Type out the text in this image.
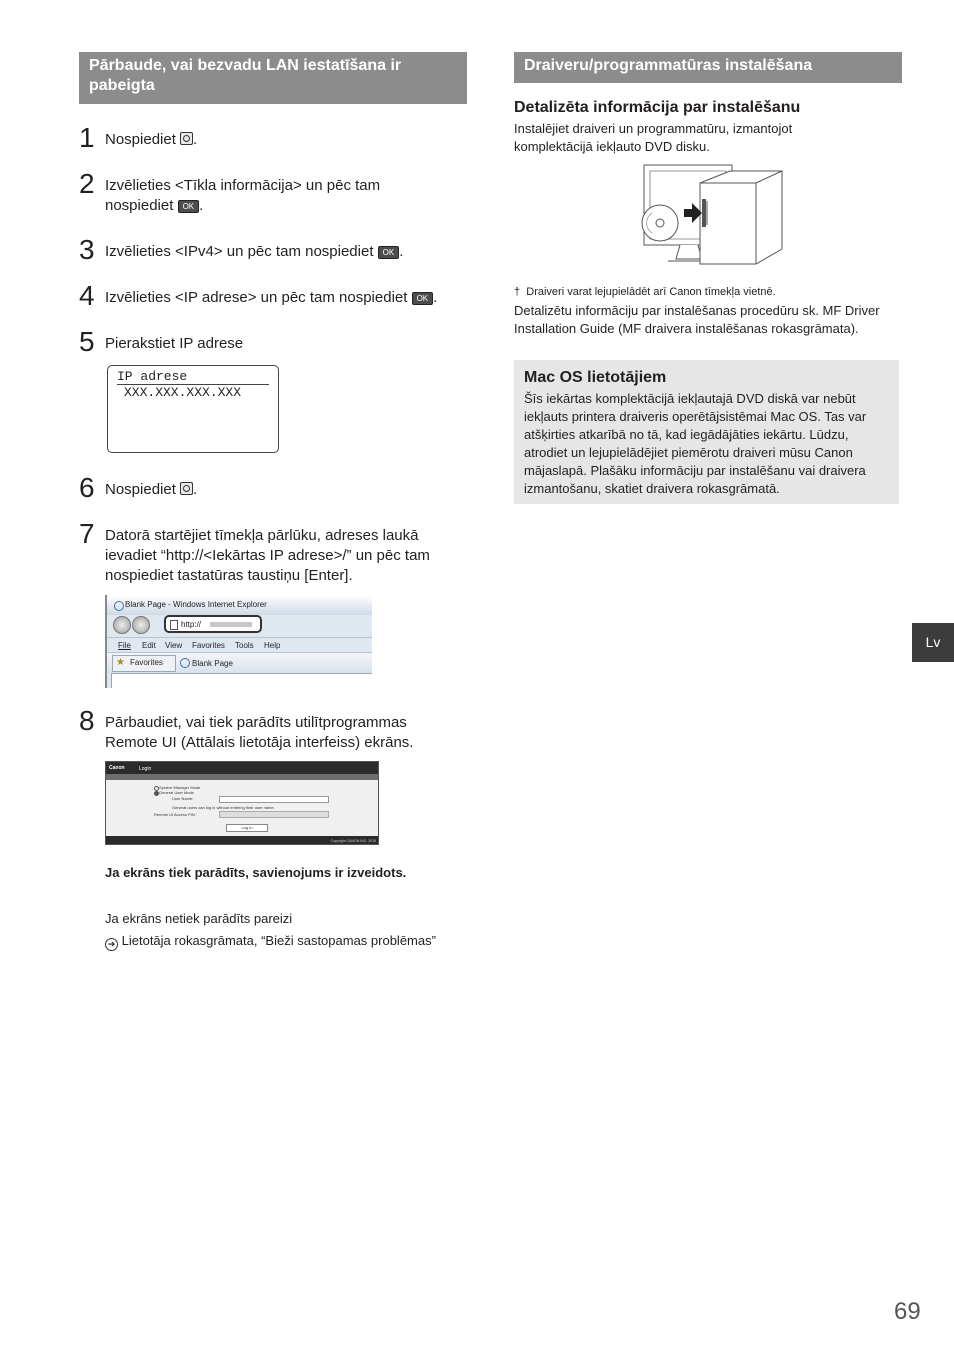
Pārbaude, vai bezvadu LAN iestatīšana ir pabeigta
1 Nospiediet .
2 Izvēlieties <Tīkla informācija> un pēc tam
nospiediet OK .
3 Izvēlieties <IPv4> un pēc tam nospiediet OK .
4 Izvēlieties <IP adrese> un pēc tam nospiediet OK .
5 Pierakstiet IP adrese
IP adrese
XXX.XXX.XXX.XXX
6 Nospiediet .
7 Datorā startējiet tīmekļa pārlūku, adreses laukā
ievadiet “http://<Iekārtas IP adrese>/” un pēc tam
nospiediet tastatūras taustiņu [Enter].
Blank Page - Windows Internet Explorer
http://
File Edit View Favorites Tools Help
★ Favorites	Blank Page
8 Pārbaudiet, vai tiek parādīts utilītprogrammas
Remote UI (Attālais lietotāja interfeiss) ekrāns.
Canon	Login
System Manager Mode
General User Mode
User Name:
General users can log in without entering their user name.
Remote UI Access PIN:
Log In
Copyright CANON INC. 2015
Ja ekrāns tiek parādīts, savienojums ir izveidots.
Ja ekrāns netiek parādīts pareizi
➔ Lietotāja rokasgrāmata, “Bieži sastopamas problēmas”
Draiveru/programmatūras instalēšana
Detalizēta informācija par instalēšanu
Instalējiet draiveri un programmatūru, izmantojot
komplektācijā iekļauto DVD disku.
† Draiveri varat lejupielādēt arī Canon tīmekļa vietnē.
Detalizētu informāciju par instalēšanas procedūru sk. MF Driver
Installation Guide (MF draivera instalēšanas rokasgrāmata).
Mac OS lietotājiem
Šīs iekārtas komplektācijā iekļautajā DVD diskā var nebūt
iekļauts printera draiveris operētājsistēmai Mac OS. Tas var
atšķirties atkarībā no tā, kad iegādājāties iekārtu. Lūdzu,
atrodiet un lejupielādējiet piemērotu draiveri mūsu Canon
mājaslapā. Plašāku informāciju par instalēšanu vai draivera
izmantošanu, skatiet draivera rokasgrāmatā.
Lv
69
